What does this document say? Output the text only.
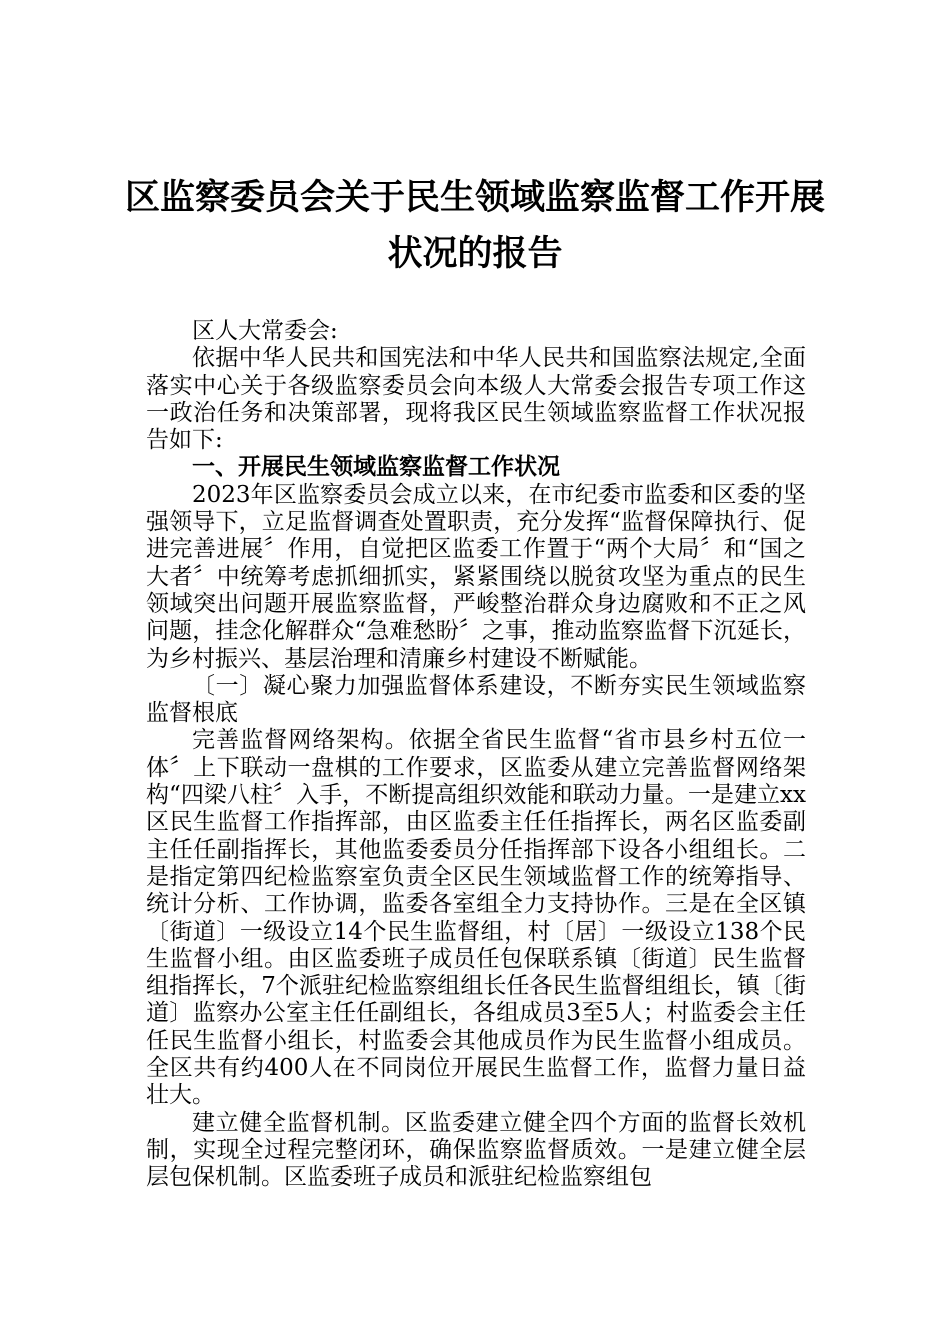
区监察委员会关于民生领域监察监督工作开展状况的报告

区人大常委会:

依据中华人民共和国宪法和中华人民共和国监察法规定,全面落实中心关于各级监察委员会向本级人大常委会报告专项工作这一政治任务和决策部署，现将我区民生领域监察监督工作状况报告如下:

一、开展民生领域监察监督工作状况

2023年区监察委员会成立以来，在市纪委市监委和区委的坚强领导下，立足监督调查处置职责，充分发挥“监督保障执行、促进完善进展〞作用，自觉把区监委工作置于“两个大局〞和“国之大者〞中统筹考虑抓细抓实，紧紧围绕以脱贫攻坚为重点的民生领域突出问题开展监察监督，严峻整治群众身边腐败和不正之风问题，挂念化解群众“急难愁盼〞之事，推动监察监督下沉延长，为乡村振兴、基层治理和清廉乡村建设不断赋能。

〔一〕凝心聚力加强监督体系建设，不断夯实民生领域监察监督根底

完善监督网络架构。依据全省民生监督“省市县乡村五位一体〞上下联动一盘棋的工作要求，区监委从建立完善监督网络架构“四梁八柱〞入手，不断提高组织效能和联动力量。一是建立xx区民生监督工作指挥部，由区监委主任任指挥长，两名区监委副主任任副指挥长，其他监委委员分任指挥部下设各小组组长。二是指定第四纪检监察室负责全区民生领域监督工作的统筹指导、统计分析、工作协调，监委各室组全力支持协作。三是在全区镇〔街道〕一级设立14个民生监督组，村〔居〕一级设立138个民生监督小组。由区监委班子成员任包保联系镇〔街道〕民生监督组指挥长，7个派驻纪检监察组组长任各民生监督组组长，镇〔街道〕监察办公室主任任副组长，各组成员3至5人；村监委会主任任民生监督小组长，村监委会其他成员作为民生监督小组成员。全区共有约400人在不同岗位开展民生监督工作，监督力量日益壮大。

建立健全监督机制。区监委建立健全四个方面的监督长效机制，实现全过程完整闭环，确保监察监督质效。一是建立健全层层包保机制。区监委班子成员和派驻纪检监察组包
